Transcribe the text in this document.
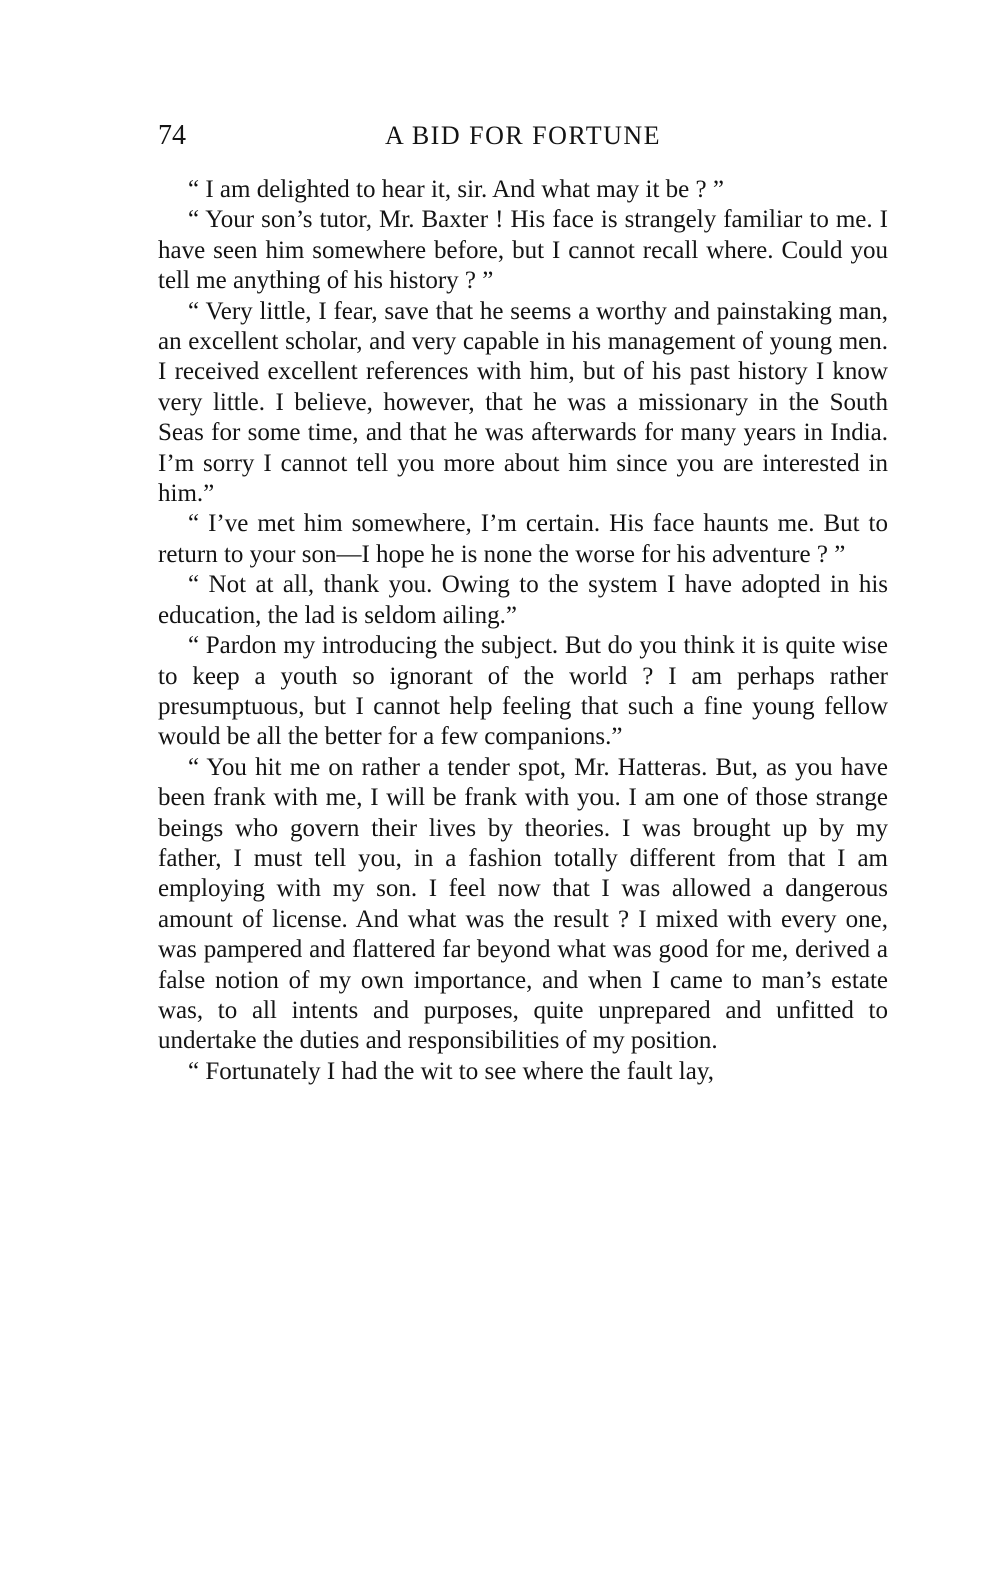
74	A BID FOR FORTUNE

“ I am delighted to hear it, sir. And what may it be ? ”

“ Your son’s tutor, Mr. Baxter ! His face is strangely familiar to me. I have seen him somewhere before, but I cannot recall where. Could you tell me anything of his history ? ”

“ Very little, I fear, save that he seems a worthy and painstaking man, an excellent scholar, and very capable in his management of young men. I received excellent references with him, but of his past history I know very little. I believe, however, that he was a missionary in the South Seas for some time, and that he was afterwards for many years in India. I’m sorry I cannot tell you more about him since you are interested in him.”

“ I’ve met him somewhere, I’m certain. His face haunts me. But to return to your son—I hope he is none the worse for his adventure ? ”

“ Not at all, thank you. Owing to the system I have adopted in his education, the lad is seldom ailing.”

“ Pardon my introducing the subject. But do you think it is quite wise to keep a youth so ignorant of the world ? I am perhaps rather presumptuous, but I cannot help feeling that such a fine young fellow would be all the better for a few companions.”

“ You hit me on rather a tender spot, Mr. Hatteras. But, as you have been frank with me, I will be frank with you. I am one of those strange beings who govern their lives by theories. I was brought up by my father, I must tell you, in a fashion totally different from that I am employing with my son. I feel now that I was allowed a dangerous amount of license. And what was the result ? I mixed with every one, was pampered and flattered far beyond what was good for me, derived a false notion of my own importance, and when I came to man’s estate was, to all intents and purposes, quite unprepared and unfitted to undertake the duties and responsibilities of my position.

“ Fortunately I had the wit to see where the fault lay,
